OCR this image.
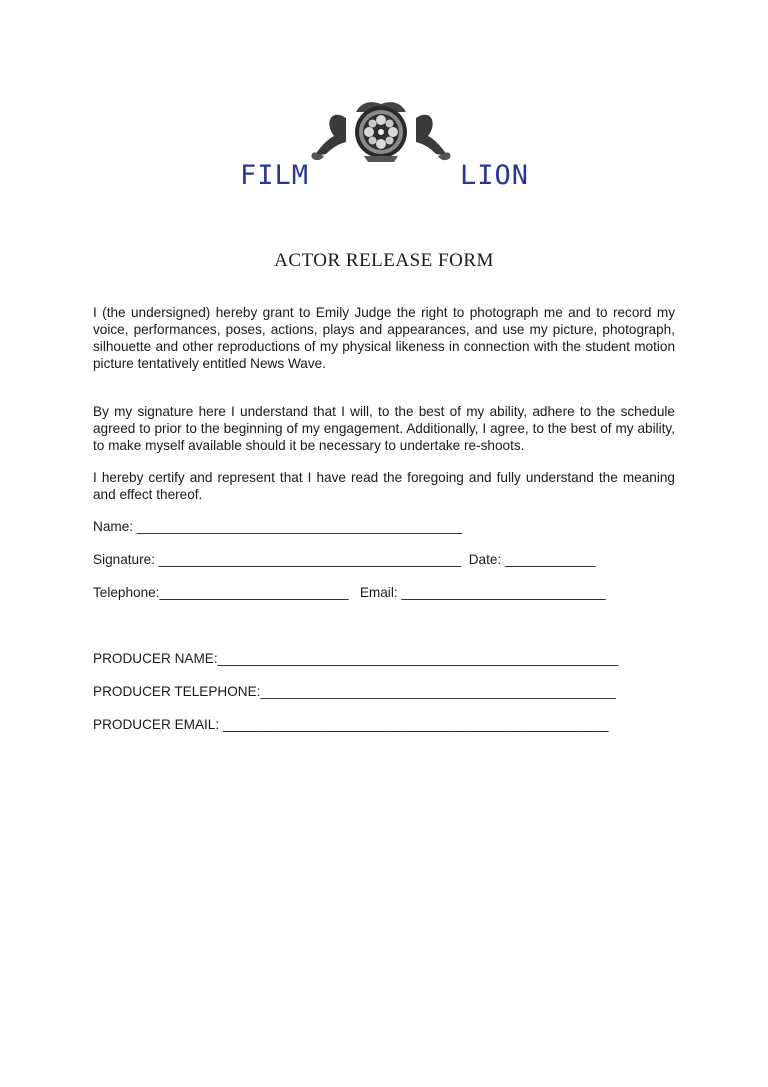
FILM	LION
ACTOR RELEASE FORM

I (the undersigned) hereby grant to Emily Judge the right to photograph me and to record my voice, performances, poses, actions, plays and appearances, and use my picture, photograph, silhouette and other reproductions of my physical likeness in connection with the student motion picture tentatively entitled News Wave.

By my signature here I understand that I will, to the best of my ability, adhere to the schedule agreed to prior to the beginning of my engagement. Additionally, I agree, to the best of my ability, to make myself available should it be necessary to undertake re-shoots.

I hereby certify and represent that I have read the foregoing and fully understand the meaning and effect thereof.

Name: ___________________________________________
Signature: ________________________________________  Date: ____________
Telephone:_________________________   Email: ___________________________
PRODUCER NAME:_____________________________________________________
PRODUCER TELEPHONE:_______________________________________________
PRODUCER EMAIL: ___________________________________________________
